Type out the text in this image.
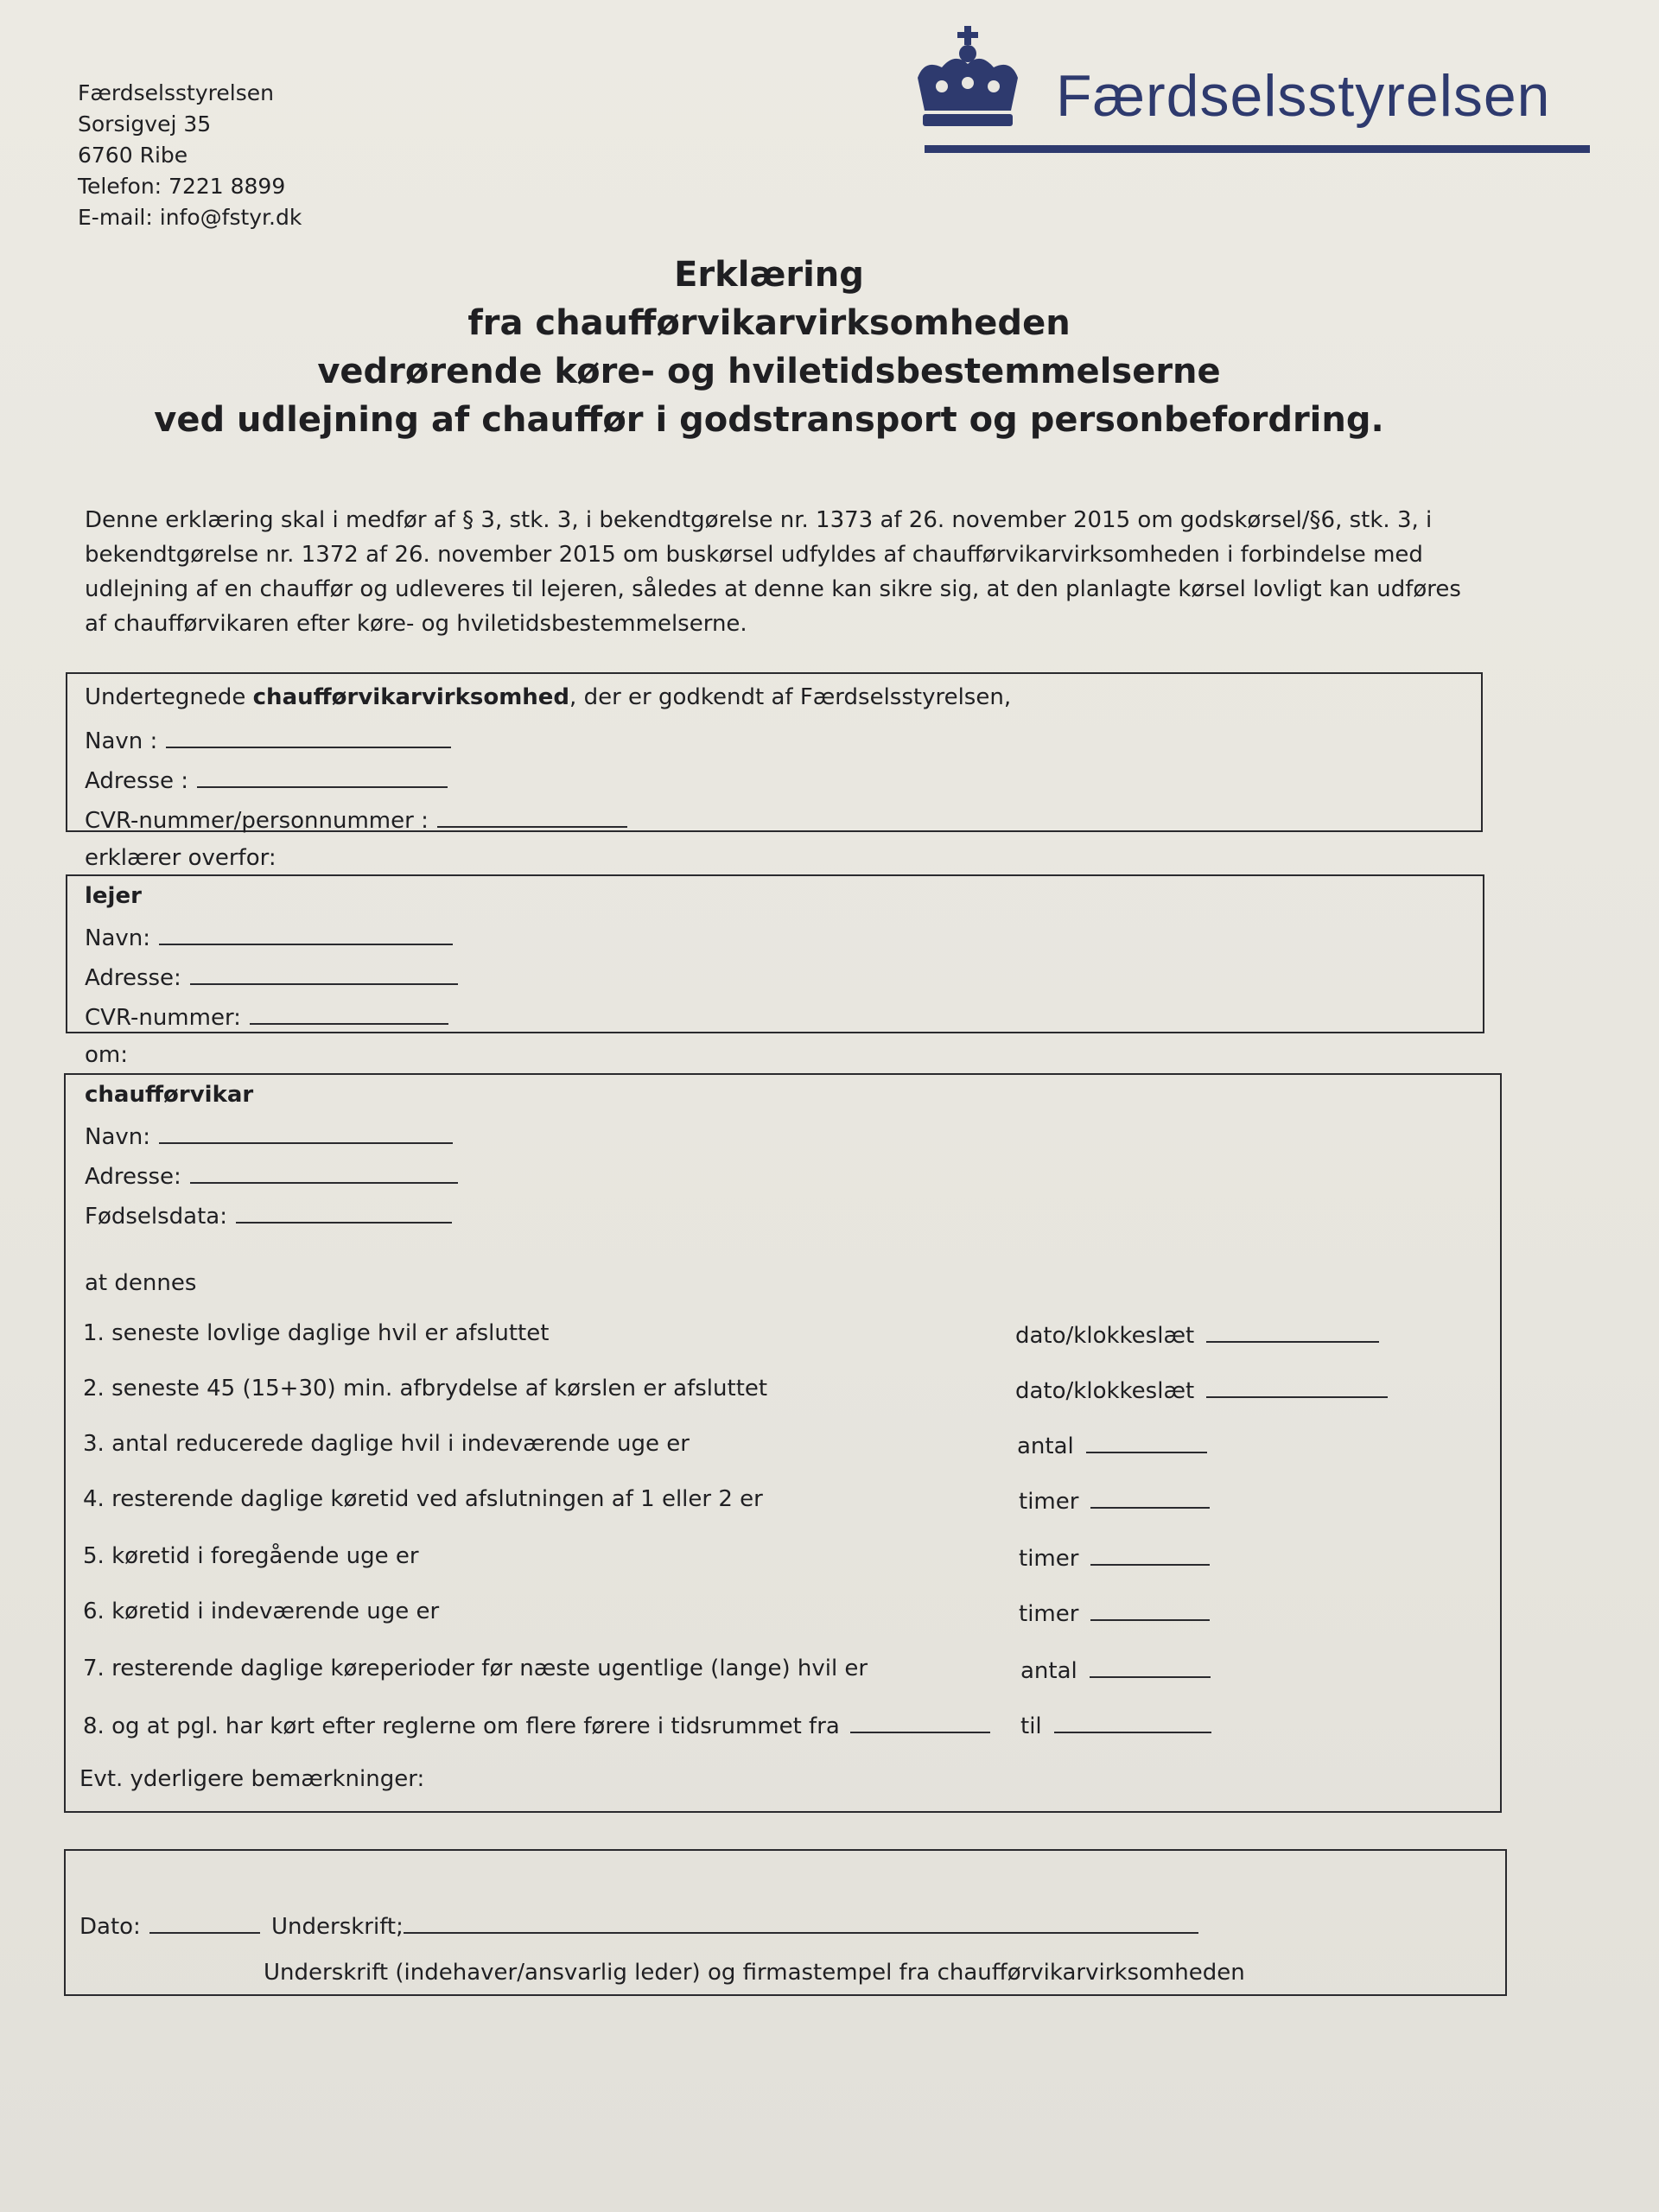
Færdselsstyrelsen
Sorsigvej 35
6760 Ribe
Telefon: 7221 8899
E-mail: info@fstyr.dk
Færdselsstyrelsen
Erklæring
fra chaufførvikarvirksomheden
vedrørende køre- og hviletidsbestemmelserne
ved udlejning af chauffør i godstransport og personbefordring.
Denne erklæring skal i medfør af § 3, stk. 3, i bekendtgørelse nr. 1373 af 26. november 2015 om godskørsel/§6, stk. 3, i bekendtgørelse nr. 1372 af 26. november 2015 om buskørsel udfyldes af chaufførvikarvirksomheden i forbindelse med udlejning af en chauffør og udleveres til lejeren, således at denne kan sikre sig, at den planlagte kørsel lovligt kan udføres af chaufførvikaren efter køre- og hviletidsbestemmelserne.
Undertegnede chaufførvikarvirksomhed, der er godkendt af Færdselsstyrelsen,
Navn :
Adresse :
CVR-nummer/personnummer :
erklærer overfor:
lejer
Navn:
Adresse:
CVR-nummer:
om:
chaufførvikar
Navn:
Adresse:
Fødselsdata:
at dennes
1. seneste lovlige daglige hvil er afsluttet	dato/klokkeslæt
2. seneste 45 (15+30) min. afbrydelse af kørslen er afsluttet	dato/klokkeslæt
3. antal reducerede daglige hvil i indeværende uge er	antal
4. resterende daglige køretid ved afslutningen af 1 eller 2 er	timer
5. køretid i foregående uge er	timer
6. køretid i indeværende uge er	timer
7. resterende daglige køreperioder før næste ugentlige (lange) hvil er	antal
8. og at pgl. har kørt efter reglerne om flere førere i tidsrummet fra	til
Evt. yderligere bemærkninger:
Dato:	Underskrift;
Underskrift (indehaver/ansvarlig leder) og firmastempel fra chaufførvikarvirksomheden
